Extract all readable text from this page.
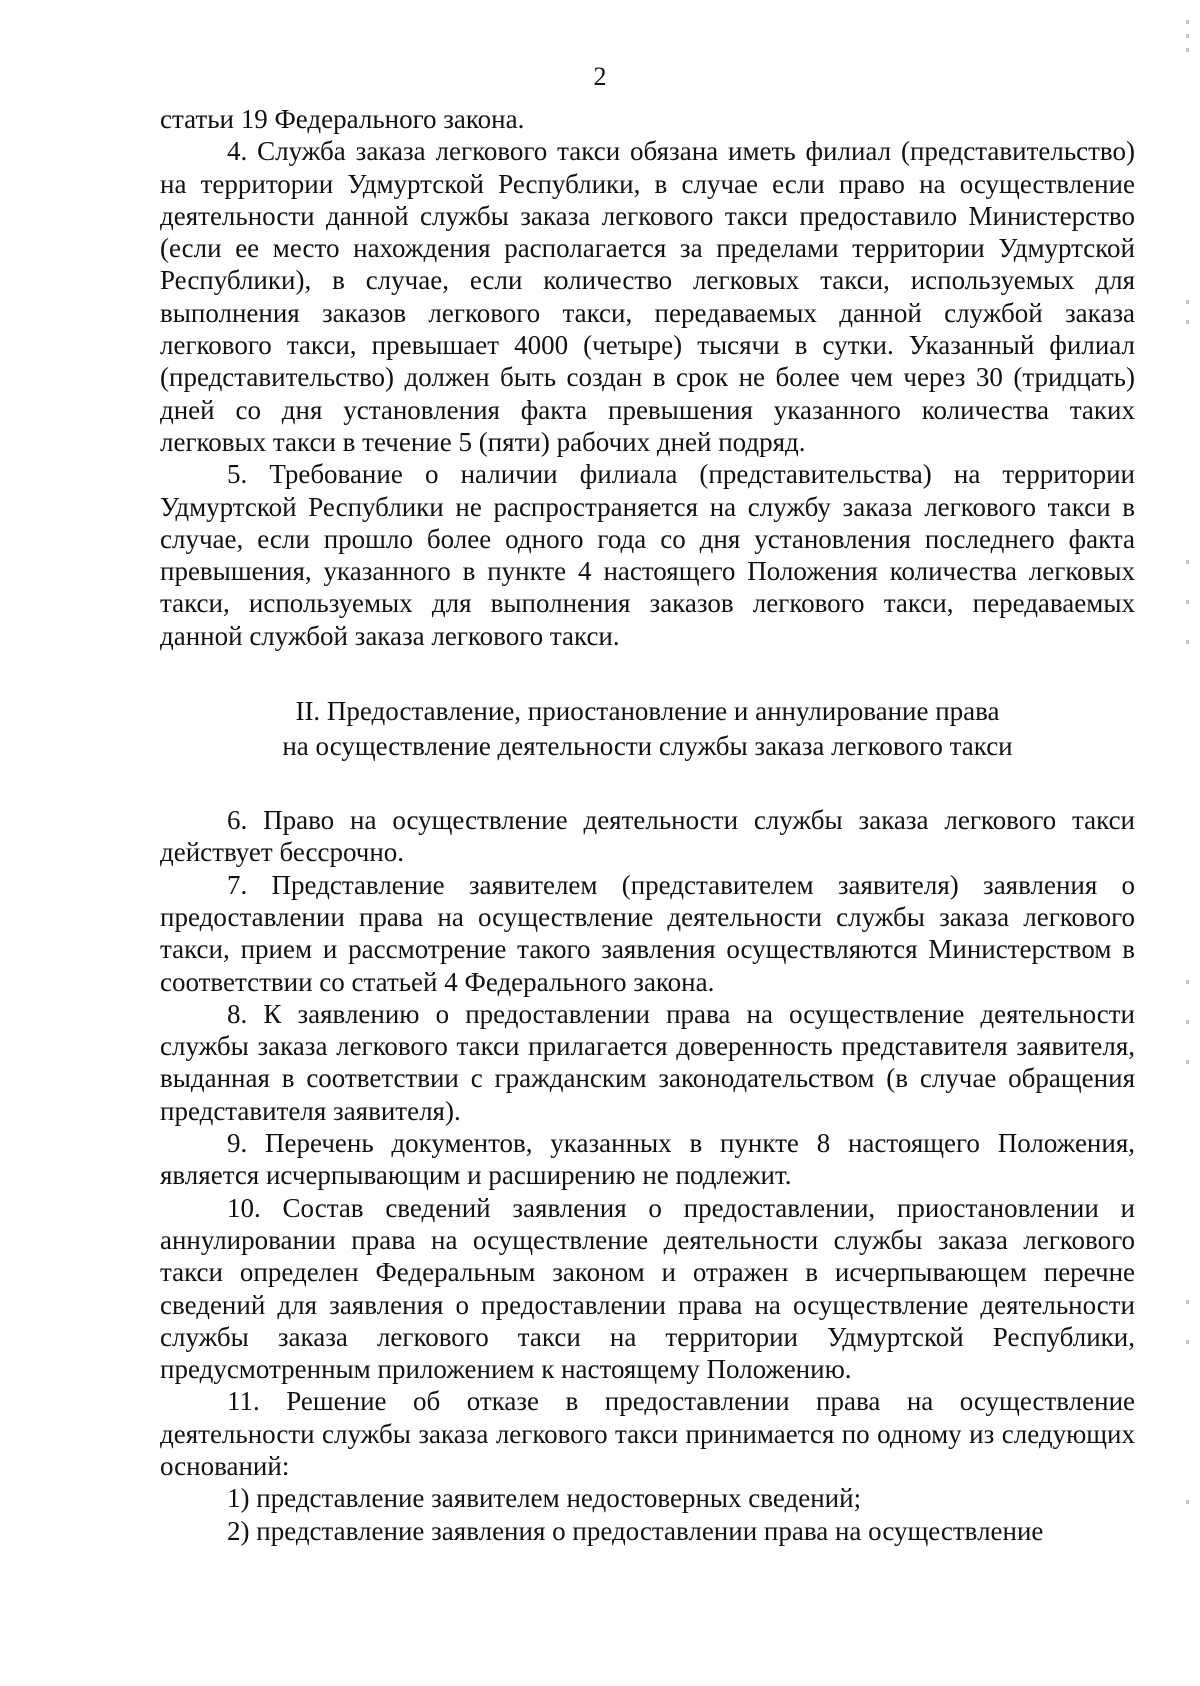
2

статьи 19 Федерального закона.

4. Служба заказа легкового такси обязана иметь филиал (представительство) на территории Удмуртской Республики, в случае если право на осуществление деятельности данной службы заказа легкового такси предоставило Министерство (если ее место нахождения располагается за пределами территории Удмуртской Республики), в случае, если количество легковых такси, используемых для выполнения заказов легкового такси, передаваемых данной службой заказа легкового такси, превышает 4000 (четыре) тысячи в сутки. Указанный филиал (представительство) должен быть создан в срок не более чем через 30 (тридцать) дней со дня установления факта превышения указанного количества таких легковых такси в течение 5 (пяти) рабочих дней подряд.

5. Требование о наличии филиала (представительства) на территории Удмуртской Республики не распространяется на службу заказа легкового такси в случае, если прошло более одного года со дня установления последнего факта превышения, указанного в пункте 4 настоящего Положения количества легковых такси, используемых для выполнения заказов легкового такси, передаваемых данной службой заказа легкового такси.

II. Предоставление, приостановление и аннулирование права
на осуществление деятельности службы заказа легкового такси

6. Право на осуществление деятельности службы заказа легкового такси действует бессрочно.

7. Представление заявителем (представителем заявителя) заявления о предоставлении права на осуществление деятельности службы заказа легкового такси, прием и рассмотрение такого заявления осуществляются Министерством в соответствии со статьей 4 Федерального закона.

8. К заявлению о предоставлении права на осуществление деятельности службы заказа легкового такси прилагается доверенность представителя заявителя, выданная в соответствии с гражданским законодательством (в случае обращения представителя заявителя).

9. Перечень документов, указанных в пункте 8 настоящего Положения, является исчерпывающим и расширению не подлежит.

10. Состав сведений заявления о предоставлении, приостановлении и аннулировании права на осуществление деятельности службы заказа легкового такси определен Федеральным законом и отражен в исчерпывающем перечне сведений для заявления о предоставлении права на осуществление деятельности службы заказа легкового такси на территории Удмуртской Республики, предусмотренным приложением к настоящему Положению.

11. Решение об отказе в предоставлении права на осуществление деятельности службы заказа легкового такси принимается по одному из следующих оснований:

1) представление заявителем недостоверных сведений;

2) представление заявления о предоставлении права на осуществление
